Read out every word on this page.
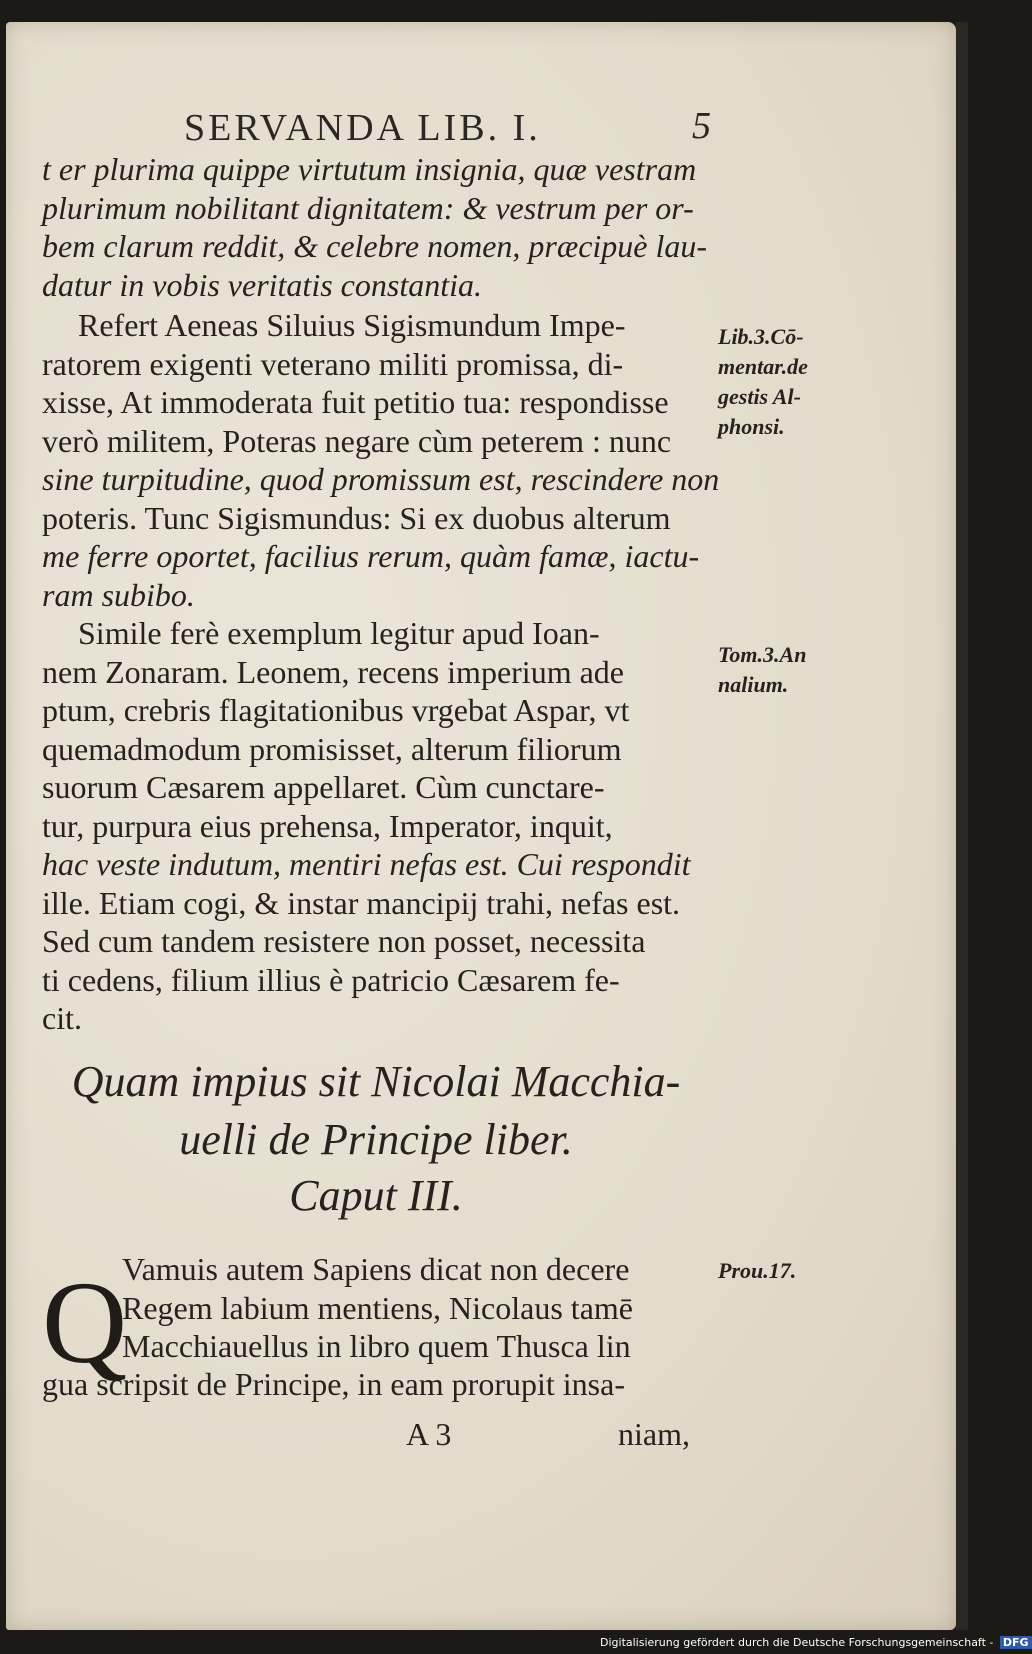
SERVANDA LIB. I.	5
t er plurima quippe virtutum insignia, quæ vestram
plurimum nobilitant dignitatem: & vestrum per or-
bem clarum reddit, & celebre nomen, præcipuè lau-
datur in vobis veritatis constantia.
Refert Aeneas Siluius Sigismundum Impe-
ratorem exigenti veterano militi promissa, di-
xisse, At immoderata fuit petitio tua: respondisse
verò militem, Poteras negare cùm peterem : nunc
sine turpitudine, quod promissum est, rescindere non
poteris. Tunc Sigismundus: Si ex duobus alterum
me ferre oportet, facilius rerum, quàm famæ, iactu-
ram subibo.
Simile ferè exemplum legitur apud Ioan-
nem Zonaram. Leonem, recens imperium ade
ptum, crebris flagitationibus vrgebat Aspar, vt
quemadmodum promisisset, alterum filiorum
suorum Cæsarem appellaret. Cùm cunctare-
tur, purpura eius prehensa, Imperator, inquit,
hac veste indutum, mentiri nefas est. Cui respondit
ille. Etiam cogi, & instar mancipij trahi, nefas est.
Sed cum tandem resistere non posset, necessita
ti cedens, filium illius è patricio Cæsarem fe-
cit.
Quam impius sit Nicolai Macchia-
uelli de Principe liber.
Caput III.
Q
Vamuis autem Sapiens dicat non decere
Regem labium mentiens, Nicolaus tamē
Macchiauellus in libro quem Thusca lin
gua scripsit de Principe, in eam prorupit insa-
A 3	niam,
Lib.3.Cō-
mentar.de
gestis Al-
phonsi.
Tom.3.An
nalium.
Prou.17.
Digitalisierung gefördert durch die Deutsche Forschungsgemeinschaft - DFG
